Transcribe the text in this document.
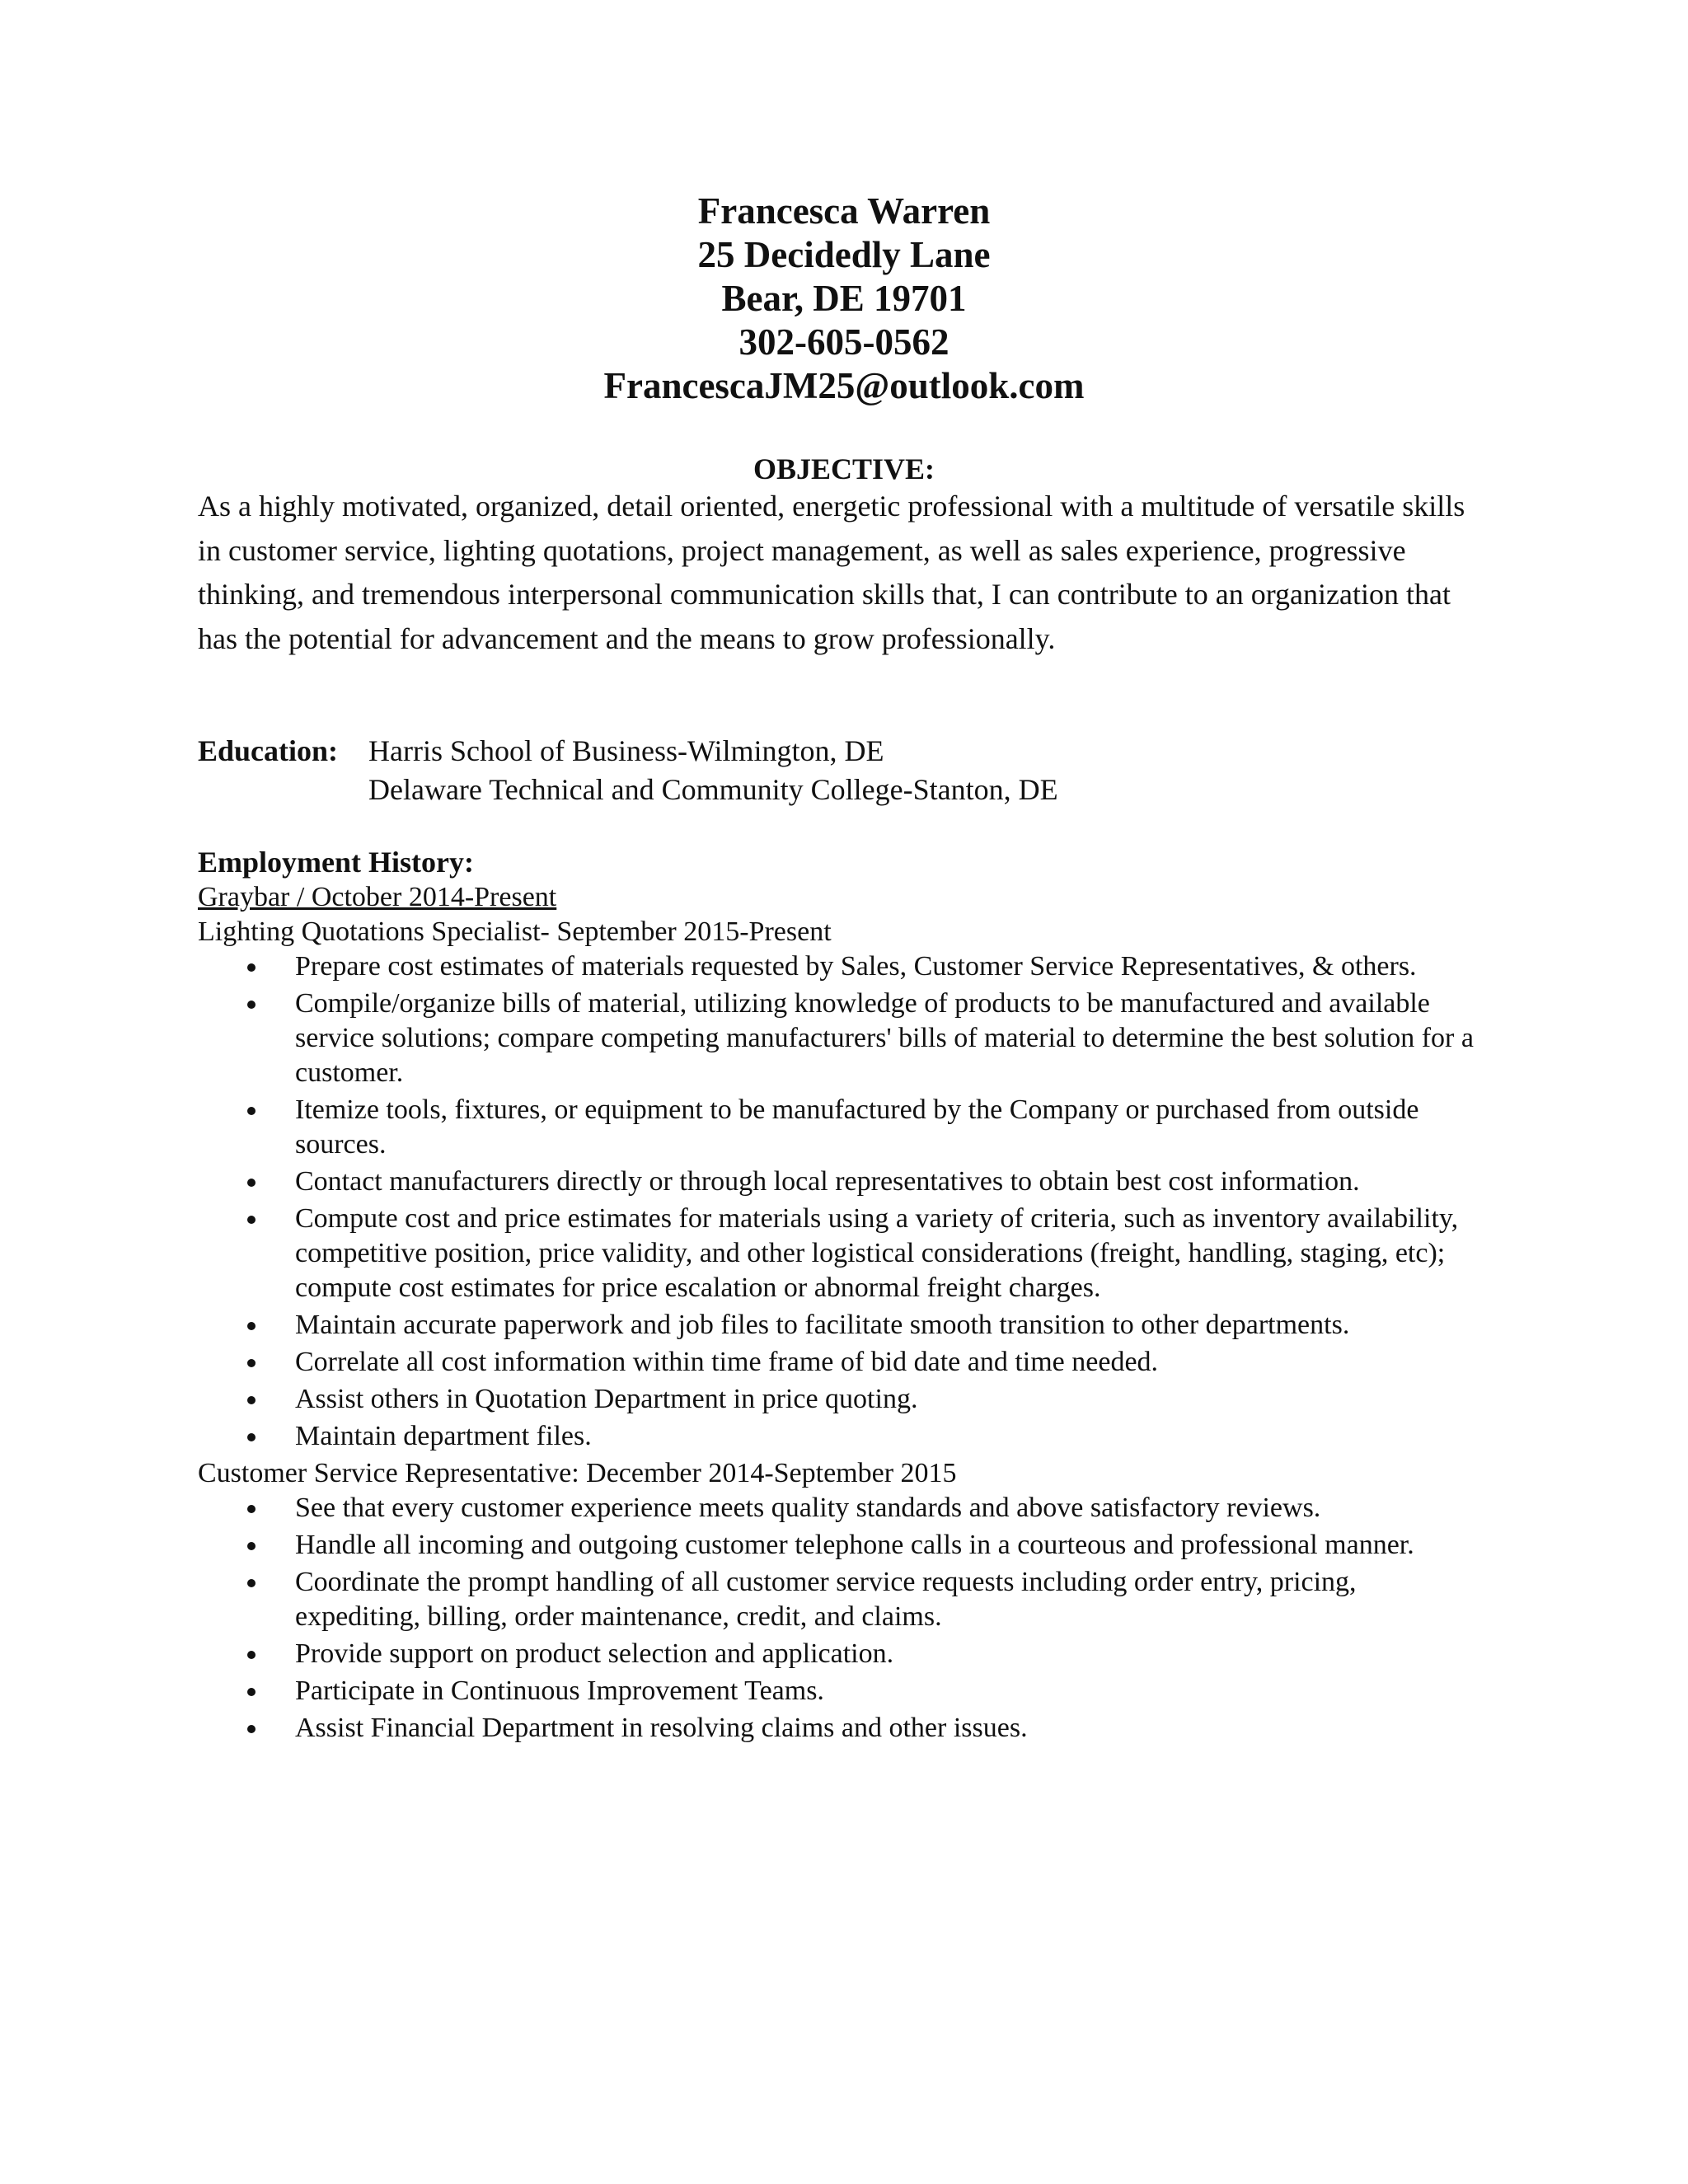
Francesca Warren
25 Decidedly Lane
Bear, DE 19701
302-605-0562
FrancescaJM25@outlook.com
OBJECTIVE:
As a highly motivated, organized, detail oriented, energetic professional with a multitude of versatile skills in customer service, lighting quotations, project management, as well as sales experience, progressive thinking, and tremendous interpersonal communication skills that, I can contribute to an organization that has the potential for advancement and the means to grow professionally.
Education: Harris School of Business-Wilmington, DE
Delaware Technical and Community College-Stanton, DE
Employment History:
Graybar / October 2014-Present
Lighting Quotations Specialist- September 2015-Present
Prepare cost estimates of materials requested by Sales, Customer Service Representatives, & others.
Compile/organize bills of material, utilizing knowledge of products to be manufactured and available service solutions; compare competing manufacturers' bills of material to determine the best solution for a customer.
Itemize tools, fixtures, or equipment to be manufactured by the Company or purchased from outside sources.
Contact manufacturers directly or through local representatives to obtain best cost information.
Compute cost and price estimates for materials using a variety of criteria, such as inventory availability, competitive position, price validity, and other logistical considerations (freight, handling, staging, etc); compute cost estimates for price escalation or abnormal freight charges.
Maintain accurate paperwork and job files to facilitate smooth transition to other departments.
Correlate all cost information within time frame of bid date and time needed.
Assist others in Quotation Department in price quoting.
Maintain department files.
Customer Service Representative: December 2014-September 2015
See that every customer experience meets quality standards and above satisfactory reviews.
Handle all incoming and outgoing customer telephone calls in a courteous and professional manner.
Coordinate the prompt handling of all customer service requests including order entry, pricing, expediting, billing, order maintenance, credit, and claims.
Provide support on product selection and application.
Participate in Continuous Improvement Teams.
Assist Financial Department in resolving claims and other issues.
